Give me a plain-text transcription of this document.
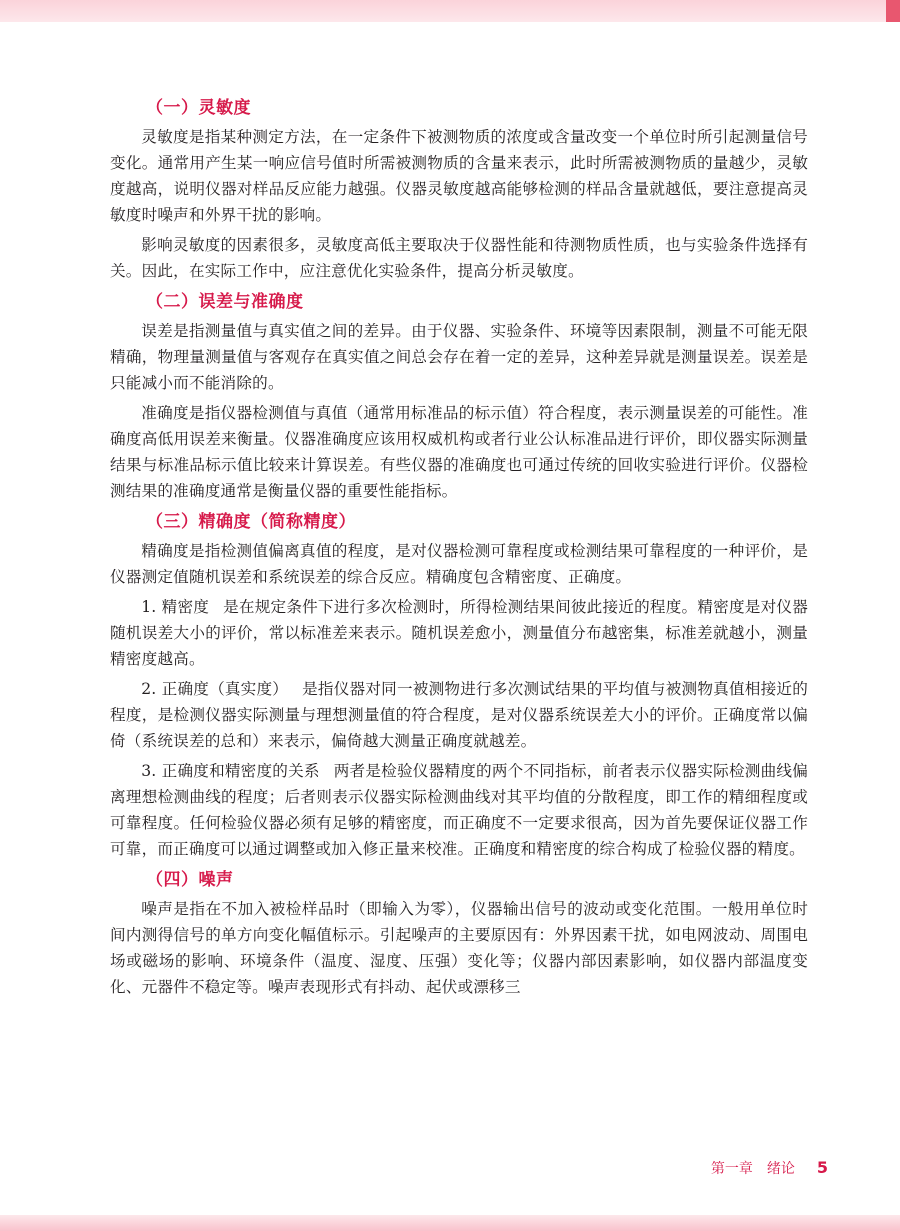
（一）灵敏度

灵敏度是指某种测定方法，在一定条件下被测物质的浓度或含量改变一个单位时所引起测量信号变化。通常用产生某一响应信号值时所需被测物质的含量来表示，此时所需被测物质的量越少，灵敏度越高，说明仪器对样品反应能力越强。仪器灵敏度越高能够检测的样品含量就越低，要注意提高灵敏度时噪声和外界干扰的影响。

影响灵敏度的因素很多，灵敏度高低主要取决于仪器性能和待测物质性质，也与实验条件选择有关。因此，在实际工作中，应注意优化实验条件，提高分析灵敏度。

（二）误差与准确度

误差是指测量值与真实值之间的差异。由于仪器、实验条件、环境等因素限制，测量不可能无限精确，物理量测量值与客观存在真实值之间总会存在着一定的差异，这种差异就是测量误差。误差是只能减小而不能消除的。

准确度是指仪器检测值与真值（通常用标准品的标示值）符合程度，表示测量误差的可能性。准确度高低用误差来衡量。仪器准确度应该用权威机构或者行业公认标准品进行评价，即仪器实际测量结果与标准品标示值比较来计算误差。有些仪器的准确度也可通过传统的回收实验进行评价。仪器检测结果的准确度通常是衡量仪器的重要性能指标。

（三）精确度（简称精度）

精确度是指检测值偏离真值的程度，是对仪器检测可靠程度或检测结果可靠程度的一种评价，是仪器测定值随机误差和系统误差的综合反应。精确度包含精密度、正确度。

1. 精密度 是在规定条件下进行多次检测时，所得检测结果间彼此接近的程度。精密度是对仪器随机误差大小的评价，常以标准差来表示。随机误差愈小，测量值分布越密集，标准差就越小，测量精密度越高。

2. 正确度（真实度） 是指仪器对同一被测物进行多次测试结果的平均值与被测物真值相接近的程度，是检测仪器实际测量与理想测量值的符合程度，是对仪器系统误差大小的评价。正确度常以偏倚（系统误差的总和）来表示，偏倚越大测量正确度就越差。

3. 正确度和精密度的关系 两者是检验仪器精度的两个不同指标，前者表示仪器实际检测曲线偏离理想检测曲线的程度；后者则表示仪器实际检测曲线对其平均值的分散程度，即工作的精细程度或可靠程度。任何检验仪器必须有足够的精密度，而正确度不一定要求很高，因为首先要保证仪器工作可靠，而正确度可以通过调整或加入修正量来校准。正确度和精密度的综合构成了检验仪器的精度。

（四）噪声

噪声是指在不加入被检样品时（即输入为零），仪器输出信号的波动或变化范围。一般用单位时间内测得信号的单方向变化幅值标示。引起噪声的主要原因有：外界因素干扰，如电网波动、周围电场或磁场的影响、环境条件（温度、湿度、压强）变化等；仪器内部因素影响，如仪器内部温度变化、元器件不稳定等。噪声表现形式有抖动、起伏或漂移三

第一章　绪论 5
